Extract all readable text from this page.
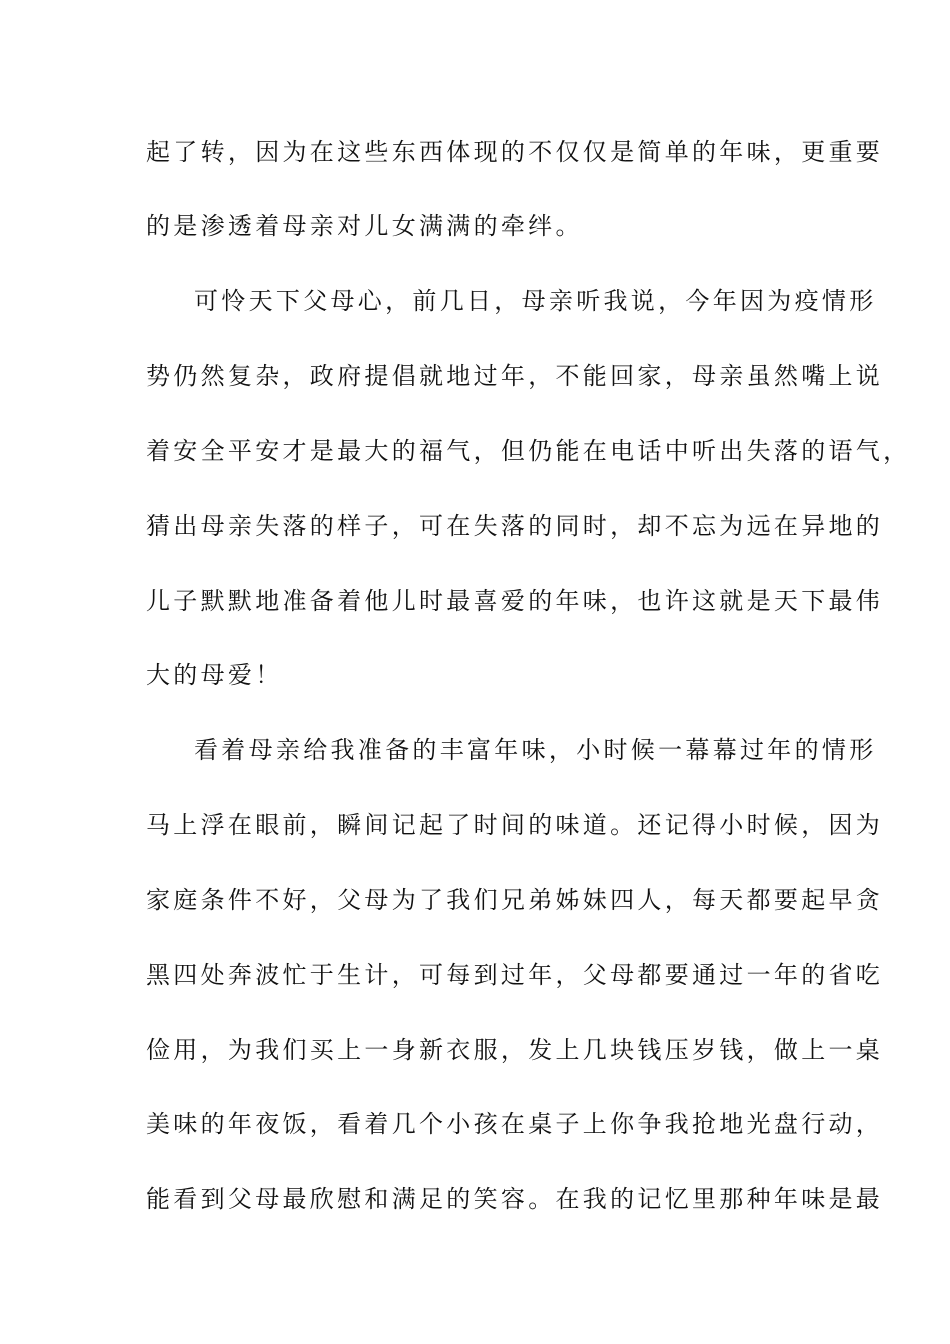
起了转，因为在这些东西体现的不仅仅是简单的年味，更重要

的是渗透着母亲对儿女满满的牵绊。

可怜天下父母心，前几日，母亲听我说，今年因为疫情形

势仍然复杂，政府提倡就地过年，不能回家，母亲虽然嘴上说

着安全平安才是最大的福气，但仍能在电话中听出失落的语气，

猜出母亲失落的样子，可在失落的同时，却不忘为远在异地的

儿子默默地准备着他儿时最喜爱的年味，也许这就是天下最伟

大的母爱！

看着母亲给我准备的丰富年味，小时候一幕幕过年的情形

马上浮在眼前，瞬间记起了时间的味道。还记得小时候，因为

家庭条件不好，父母为了我们兄弟姊妹四人，每天都要起早贪

黑四处奔波忙于生计，可每到过年，父母都要通过一年的省吃

俭用，为我们买上一身新衣服，发上几块钱压岁钱，做上一桌

美味的年夜饭，看着几个小孩在桌子上你争我抢地光盘行动，

能看到父母最欣慰和满足的笑容。在我的记忆里那种年味是最
